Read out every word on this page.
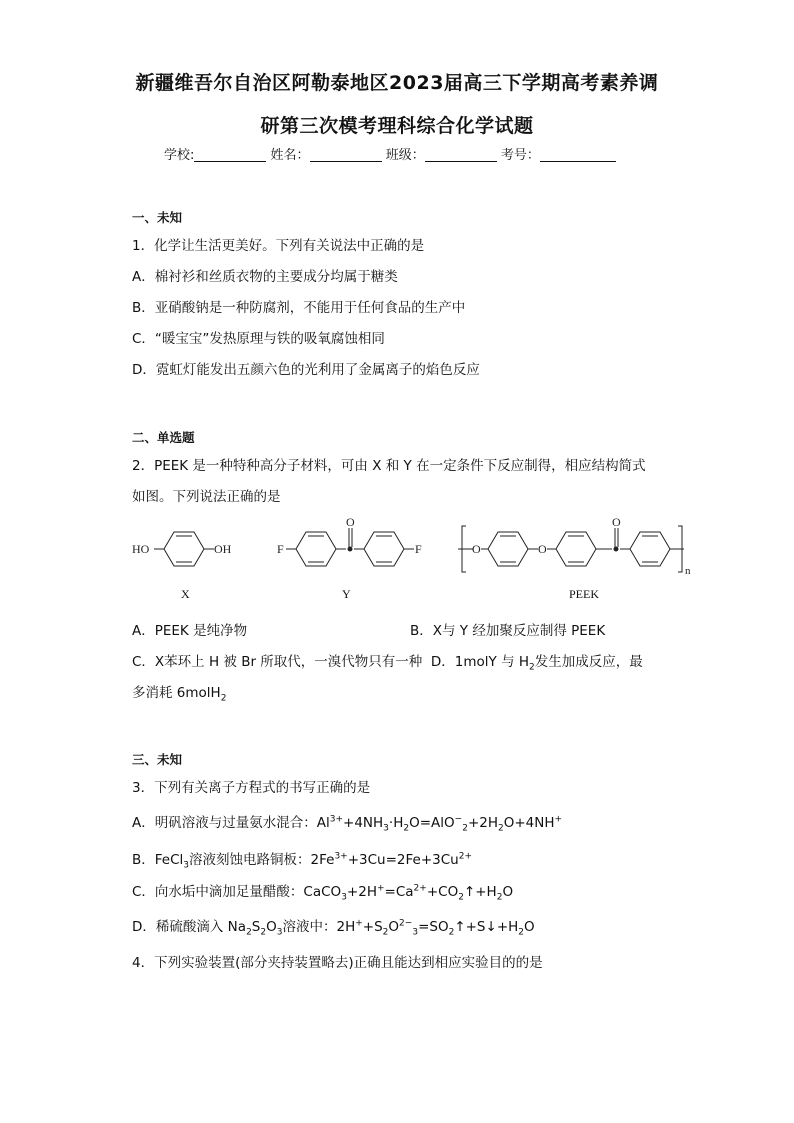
新疆维吾尔自治区阿勒泰地区2023届高三下学期高考素养调
研第三次模考理科综合化学试题
学校:	姓名：	班级：	考号：
一、未知
1．化学让生活更美好。下列有关说法中正确的是
A．棉衬衫和丝质衣物的主要成分均属于糖类
B．亚硝酸钠是一种防腐剂，不能用于任何食品的生产中
C．“暖宝宝”发热原理与铁的吸氧腐蚀相同
D．霓虹灯能发出五颜六色的光利用了金属离子的焰色反应
二、单选题
2．PEEK 是一种特种高分子材料，可由 X 和 Y 在一定条件下反应制得，相应结构简式
如图。下列说法正确的是
HO	OH	F
O
F	O	O
O
n
X	Y	PEEK
A．PEEK 是纯净物	B．X与 Y 经加聚反应制得 PEEK
C．X苯环上 H 被 Br 所取代，一溴代物只有一种 D．1molY 与 $H_2$发生加成反应，最
多消耗 6molH$_2$
三、未知
3．下列有关离子方程式的书写正确的是
A．明矾溶液与过量氨水混合：$Al^{3+}+4NH_3\cdot H_2O=AlO^-_2+2H_2O+4NH^+$
B．FeCl$_3$溶液刻蚀电路铜板：$2Fe^{3+}+3Cu=2Fe+3Cu^{2+}$
C．向水垢中滴加足量醋酸：$CaCO_3+2H^+=Ca^{2+}+CO_2↑+H_2O$
D．稀硫酸滴入 $Na_2S_2O_3$溶液中：$2H^++S_2O^{2-}_3=SO_2↑+S↓+H_2O$
4．下列实验装置(部分夹持装置略去)正确且能达到相应实验目的的是
